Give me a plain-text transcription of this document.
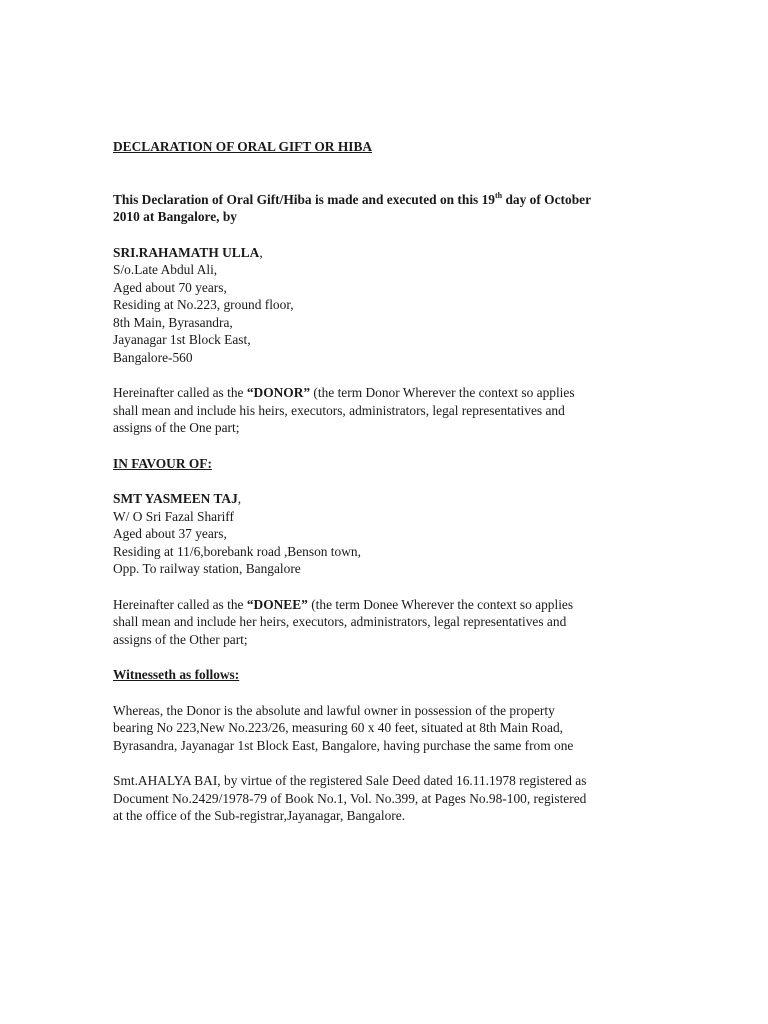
DECLARATION OF ORAL GIFT OR HIBA

This Declaration of Oral Gift/Hiba is made and executed on this 19th day of October
2010 at Bangalore, by

SRI.RAHAMATH ULLA,
S/o.Late Abdul Ali,
Aged about 70 years,
Residing at No.223, ground floor,
8th Main, Byrasandra,
Jayanagar 1st Block East,
Bangalore-560

Hereinafter called as the “DONOR” (the term Donor Wherever the context so applies
shall mean and include his heirs, executors, administrators, legal representatives and
assigns of the One part;

IN FAVOUR OF:

SMT YASMEEN TAJ,
W/ O Sri Fazal Shariff
Aged about 37 years,
Residing at 11/6,borebank road ,Benson town,
Opp. To railway station, Bangalore

Hereinafter called as the “DONEE” (the term Donee Wherever the context so applies
shall mean and include her heirs, executors, administrators, legal representatives and
assigns of the Other part;

Witnesseth as follows:

Whereas, the Donor is the absolute and lawful owner in possession of the property
bearing No 223,New No.223/26, measuring 60 x 40 feet, situated at 8th Main Road,
Byrasandra, Jayanagar 1st Block East, Bangalore, having purchase the same from one

Smt.AHALYA BAI, by virtue of the registered Sale Deed dated 16.11.1978 registered as
Document No.2429/1978-79 of Book No.1, Vol. No.399, at Pages No.98-100, registered
at the office of the Sub-registrar,Jayanagar, Bangalore.
